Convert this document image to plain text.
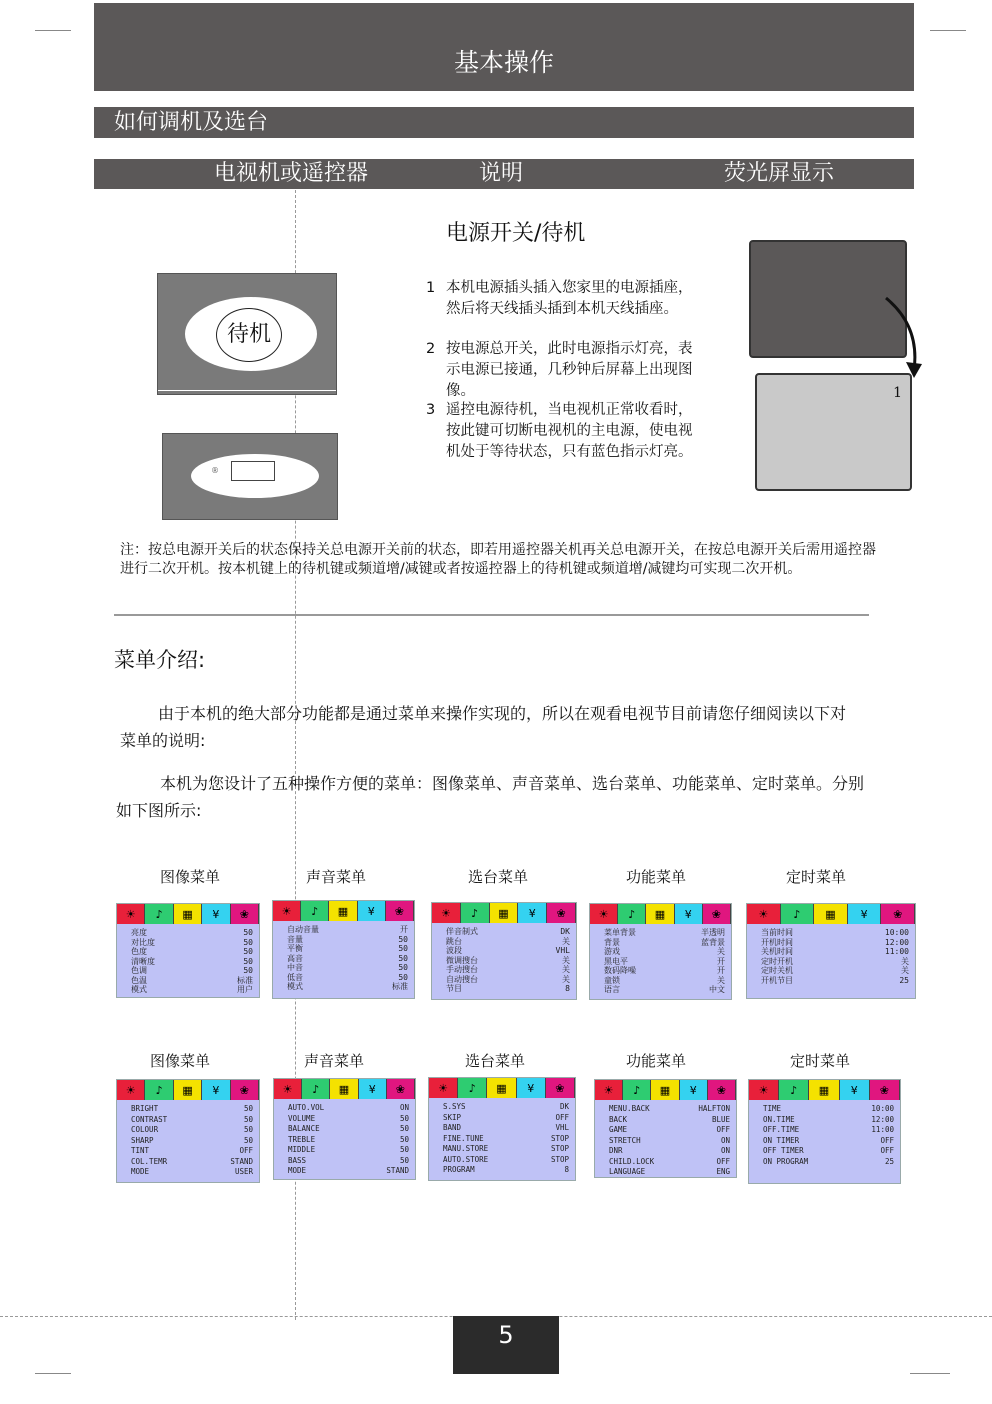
基本操作
如何调机及选台
电视机或遥控器	说明	荧光屏显示
电源开关/待机
待机
®
1 本机电源插头插入您家里的电源插座，然后将天线插头插到本机天线插座。
2 按电源总开关，此时电源指示灯亮，表示电源已接通，几秒钟后屏幕上出现图像。
3 遥控电源待机，当电视机正常收看时，按此键可切断电视机的主电源，使电视机处于等待状态，只有蓝色指示灯亮。
1
注：按总电源开关后的状态保持关总电源开关前的状态，即若用遥控器关机再关总电源开关，在按总电源开关后需用遥控器进行二次开机。按本机键上的待机键或频道增/减键或者按遥控器上的待机键或频道增/减键均可实现二次开机。
菜单介绍:
由于本机的绝大部分功能都是通过菜单来操作实现的，所以在观看电视节目前请您仔细阅读以下对菜单的说明:
本机为您设计了五种操作方便的菜单：图像菜单、声音菜单、选台菜单、功能菜单、定时菜单。分别如下图所示:
图像菜单	声音菜单	选台菜单	功能菜单	定时菜单
☀	♪	▦	¥	❀
亮度	50
对比度	50
色度	50
清晰度	50
色调	50
色温	标准
模式	用户
☀	♪	▦	¥	❀
自动音量	开
音量	50
平衡	50
高音	50
中音	50
低音	50
模式	标准
☀	♪	▦	¥	❀
伴音制式	DK
跳台	关
波段	VHL
微调搜台	关
手动搜台	关
自动搜台	关
节目	8
☀	♪	▦	¥	❀
菜单背景	半透明
背景	蓝背景
游戏	关
黑电平	开
数码降噪	开
童锁	关
语言	中文
☀	♪	▦	¥	❀
当前时间	10:00
开机时间	12:00
关机时间	11:00
定时开机	关
定时关机	关
开机节目	25
图像菜单	声音菜单	选台菜单	功能菜单	定时菜单
☀	♪	▦	¥	❀
BRIGHT	50
CONTRAST	50
COLOUR	50
SHARP	50
TINT	OFF
COL.TEMR	STAND
MODE	USER
☀	♪	▦	¥	❀
AUTO.VOL	ON
VOLUME	50
BALANCE	50
TREBLE	50
MIDDLE	50
BASS	50
MODE	STAND
☀	♪	▦	¥	❀
S.SYS	DK
SKIP	OFF
BAND	VHL
FINE.TUNE	STOP
MANU.STORE	STOP
AUTO.STORE	STOP
PROGRAM	8
☀	♪	▦	¥	❀
MENU.BACK	HALFTON
BACK	BLUE
GAME	OFF
STRETCH	ON
DNR	ON
CHILD.LOCK	OFF
LANGUAGE	ENG
☀	♪	▦	¥	❀
TIME	10:00
ON.TIME	12:00
OFF.TIME	11:00
ON TIMER	OFF
OFF TIMER	OFF
ON PROGRAM	25
5
